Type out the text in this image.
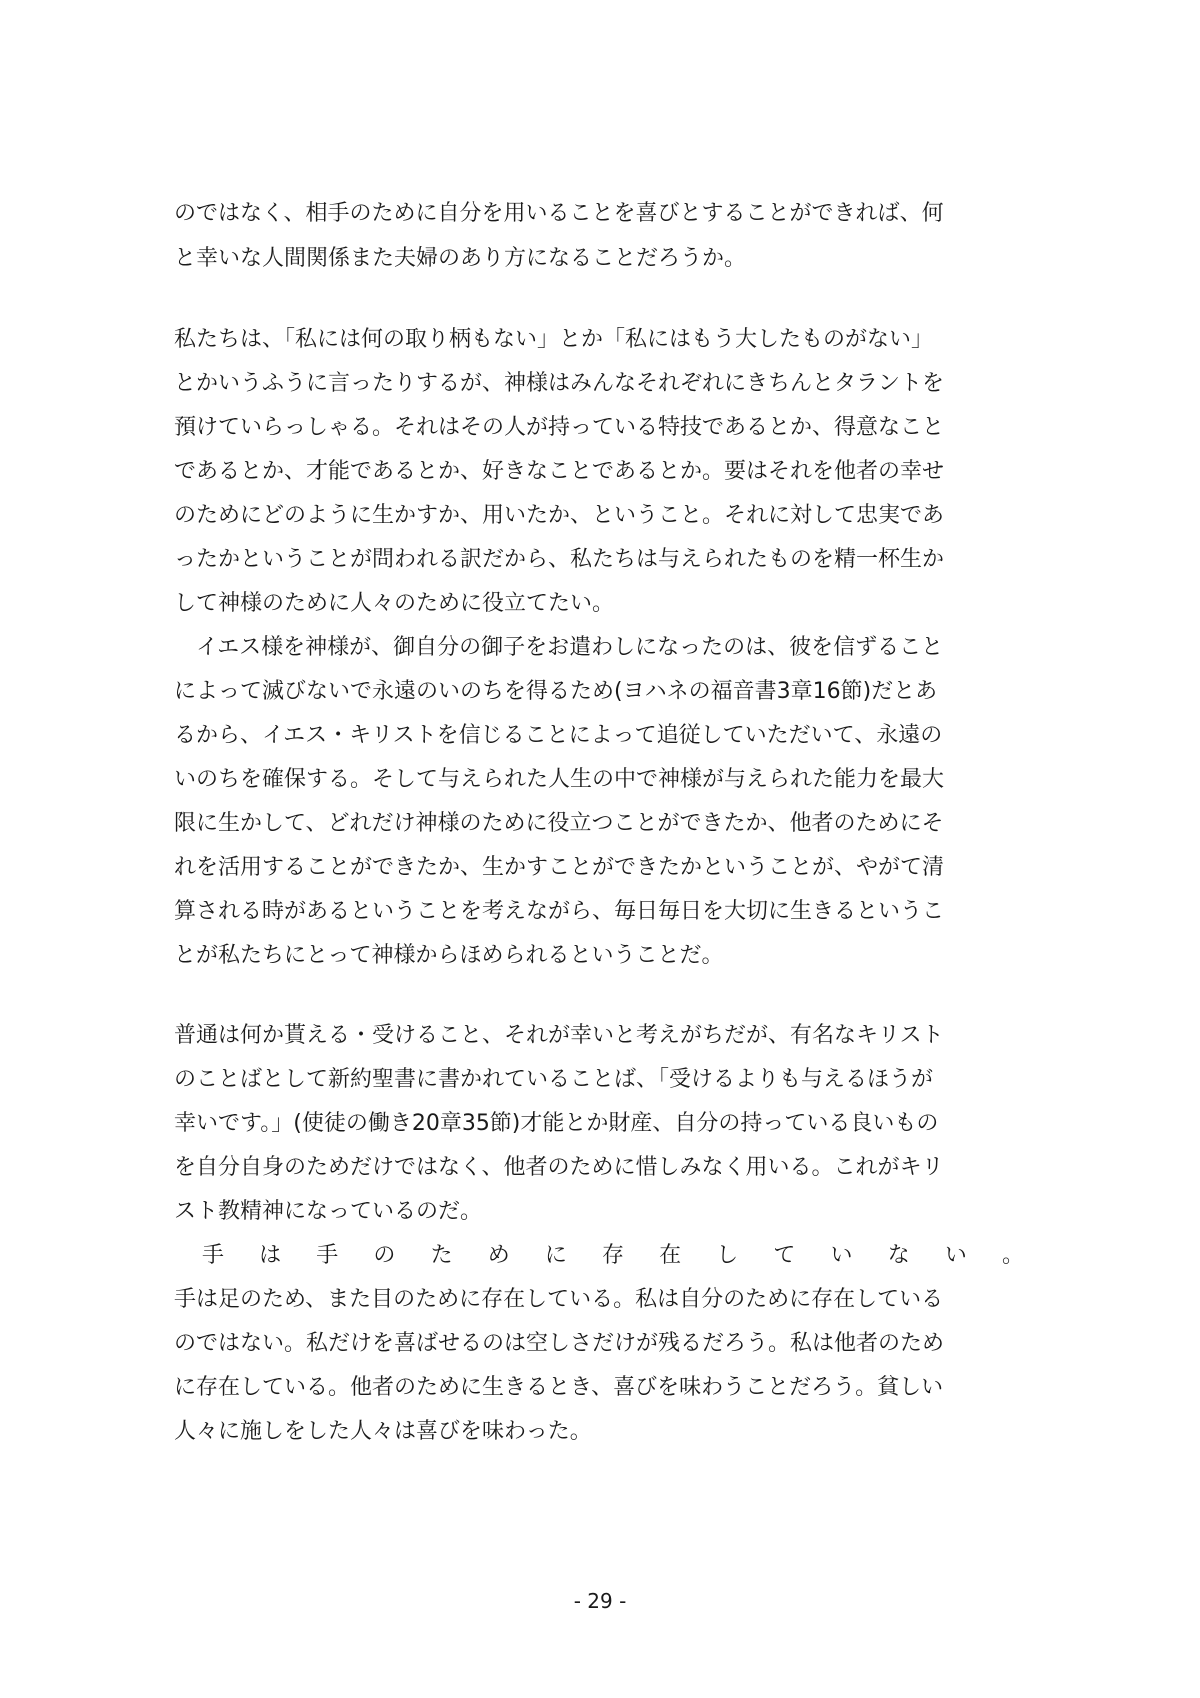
のではなく、相手のために自分を用いることを喜びとすることができれば、何
と幸いな人間関係また夫婦のあり方になることだろうか。
私たちは、「私には何の取り柄もない」とか「私にはもう大したものがない」
とかいうふうに言ったりするが、神様はみんなそれぞれにきちんとタラントを
預けていらっしゃる。それはその人が持っている特技であるとか、得意なこと
であるとか、才能であるとか、好きなことであるとか。要はそれを他者の幸せ
のためにどのように生かすか、用いたか、ということ。それに対して忠実であ
ったかということが問われる訳だから、私たちは与えられたものを精一杯生か
して神様のために人々のために役立てたい。
　イエス様を神様が、御自分の御子をお遣わしになったのは、彼を信ずること
によって滅びないで永遠のいのちを得るため(ヨハネの福音書3章16節)だとあ
るから、イエス・キリストを信じることによって追従していただいて、永遠の
いのちを確保する。そして与えられた人生の中で神様が与えられた能力を最大
限に生かして、どれだけ神様のために役立つことができたか、他者のためにそ
れを活用することができたか、生かすことができたかということが、やがて清
算される時があるということを考えながら、毎日毎日を大切に生きるというこ
とが私たちにとって神様からほめられるということだ。
普通は何か貰える・受けること、それが幸いと考えがちだが、有名なキリスト
のことばとして新約聖書に書かれていることば、「受けるよりも与えるほうが
幸いです。」(使徒の働き20章35節)才能とか財産、自分の持っている良いもの
を自分自身のためだけではなく、他者のために惜しみなく用いる。これがキリ
スト教精神になっているのだ。
手 は 手 の た め に 存 在 し て い な い 。
手は足のため、また目のために存在している。私は自分のために存在している
のではない。私だけを喜ばせるのは空しさだけが残るだろう。私は他者のため
に存在している。他者のために生きるとき、喜びを味わうことだろう。貧しい
人々に施しをした人々は喜びを味わった。
- 29 -
